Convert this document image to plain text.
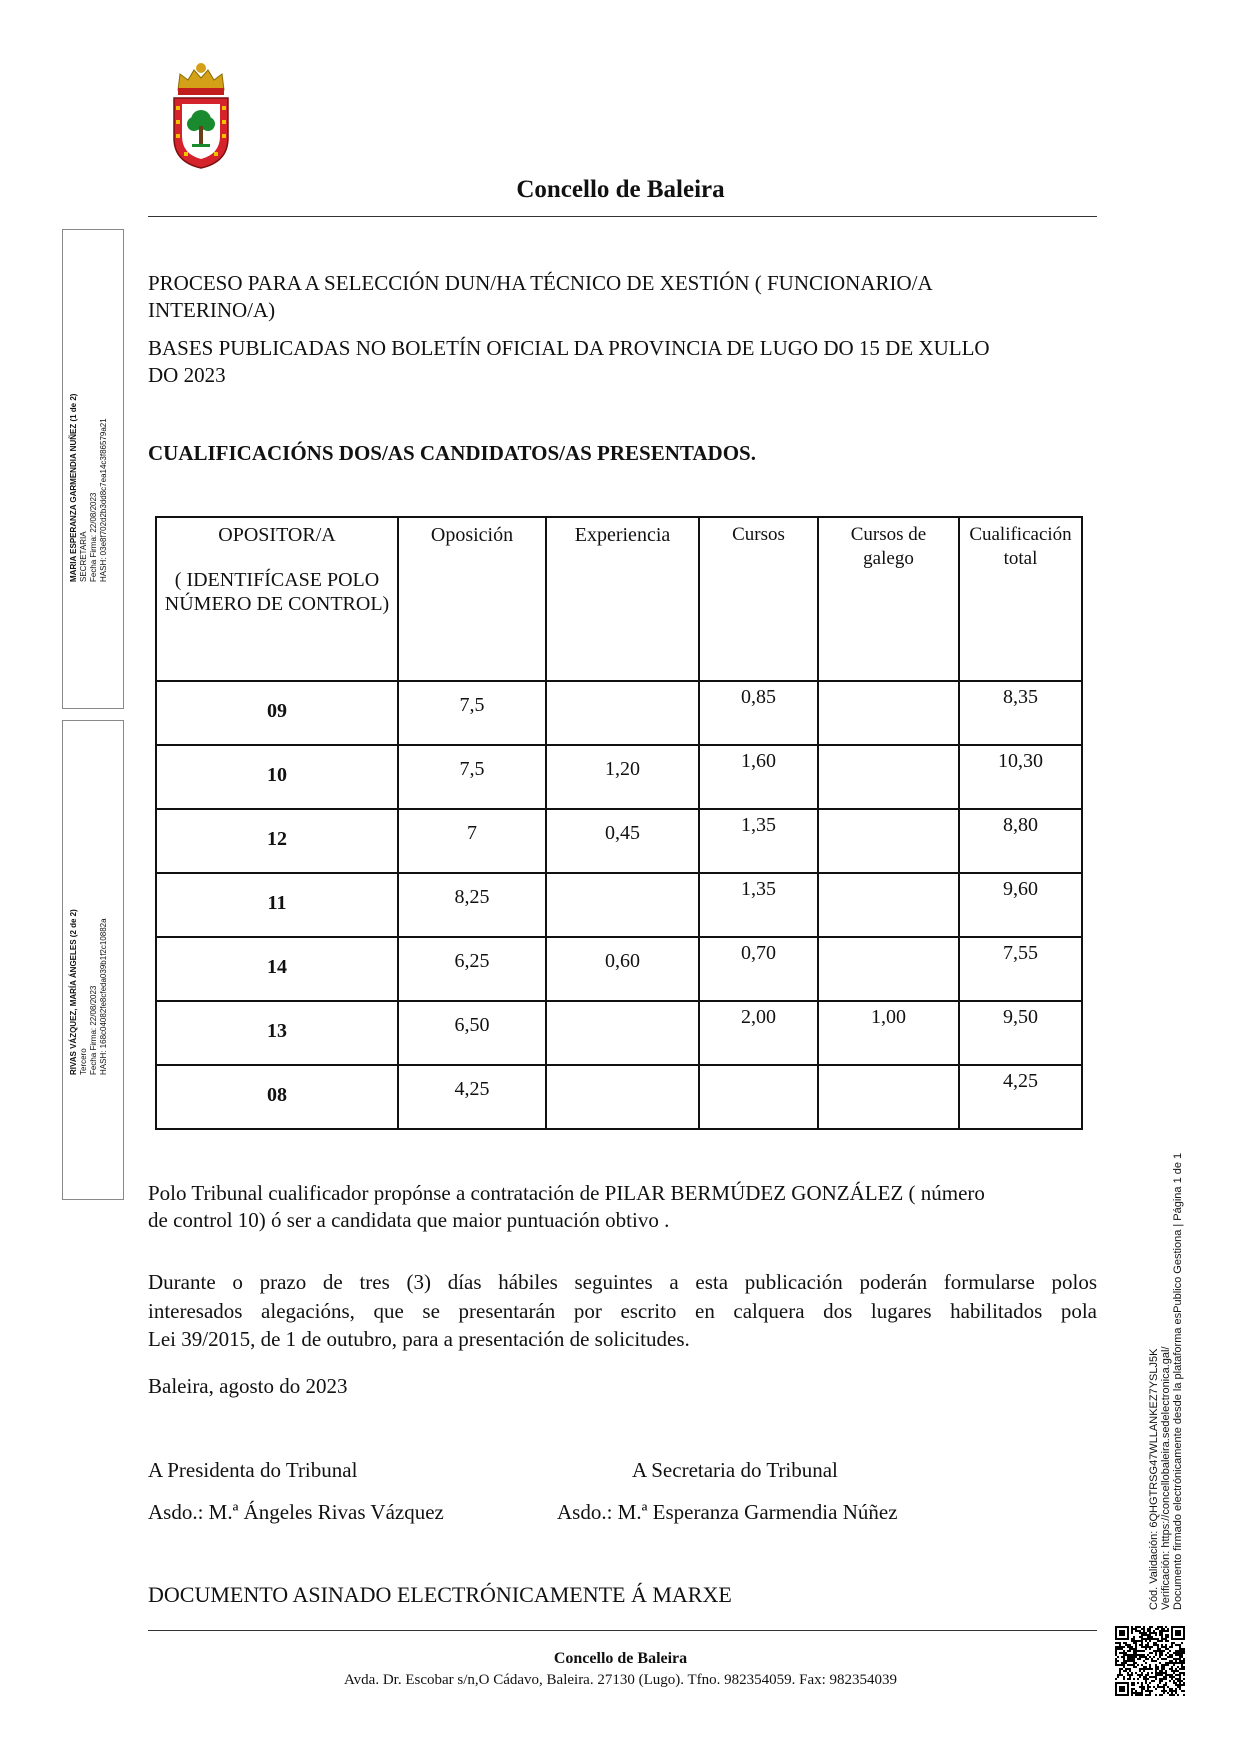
Concello de Baleira
PROCESO PARA A SELECCIÓN DUN/HA TÉCNICO DE XESTIÓN ( FUNCIONARIO/A
INTERINO/A)
BASES PUBLICADAS NO BOLETÍN OFICIAL DA PROVINCIA DE LUGO DO 15 DE XULLO
DO 2023
CUALIFICACIÓNS DOS/AS CANDIDATOS/AS PRESENTADOS.
OPOSITOR/A
( IDENTIFÍCASE POLO NÚMERO DE CONTROL)	Oposición	Experiencia	Cursos	Cursos de galego	Cualificación total

09	7,5		0,85		8,35

10	7,5	1,20	1,60		10,30

12	7	0,45	1,35		8,80

11	8,25		1,35		9,60

14	6,25	0,60	0,70		7,55

13	6,50		2,00	1,00	9,50

08	4,25				4,25
Polo Tribunal cualificador propónse a contratación de PILAR BERMÚDEZ GONZÁLEZ ( número
de control 10) ó ser a candidata que maior puntuación obtivo .
Durante o prazo de tres (3) días hábiles seguintes a esta publicación poderán formularse polos
interesados alegacións, que se presentarán por escrito en calquera dos lugares habilitados pola
Lei 39/2015, de 1 de outubro, para a presentación de solicitudes.
Baleira, agosto do 2023
A Presidenta do Tribunal	A Secretaria do Tribunal
Asdo.: M.ª Ángeles Rivas Vázquez	Asdo.: M.ª Esperanza Garmendia Núñez
DOCUMENTO ASINADO ELECTRÓNICAMENTE Á MARXE
Concello de Baleira
Avda. Dr. Escobar s/n,O Cádavo, Baleira. 27130 (Lugo). Tfno. 982354059. Fax: 982354039
MARIA ESPERANZA GARMENDIA NUÑEZ (1 de 2) SECRETARIA Fecha Firma: 22/08/2023 HASH: 03e8f702d2b3dd8c7ea14c3f86579a21
RIVAS VÁZQUEZ, MARÍA ÁNGELES (2 de 2) Tercero Fecha Firma: 22/08/2023 HASH: 168c04082fe8cfeda039b1f2c10882a
Cód. Validación: 6QHGTRSG47WLLANKEZ7YSLJ5K Verificación: https://concellobaleira.sedelectronica.gal/ Documento firmado electrónicamente desde la plataforma esPublico Gestiona | Página 1 de 1
